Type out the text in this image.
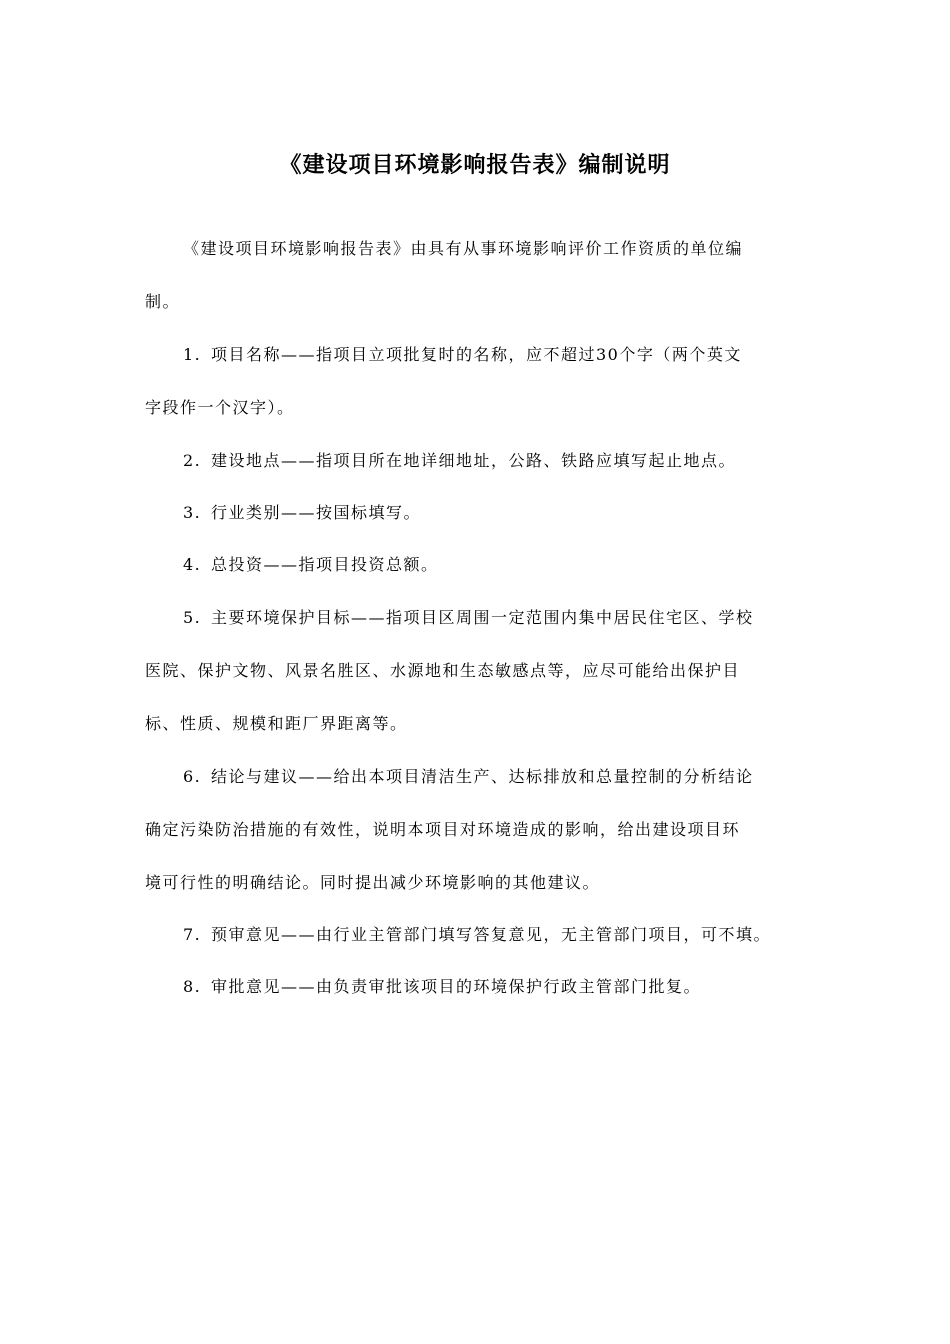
《建设项目环境影响报告表》编制说明
《建设项目环境影响报告表》由具有从事环境影响评价工作资质的单位编
制。
1. 项目名称——指项目立项批复时的名称，应不超过30个字（两个英文
字段作一个汉字）。
2. 建设地点——指项目所在地详细地址，公路、铁路应填写起止地点。
3. 行业类别——按国标填写。
4. 总投资——指项目投资总额。
5. 主要环境保护目标——指项目区周围一定范围内集中居民住宅区、学校
医院、保护文物、风景名胜区、水源地和生态敏感点等，应尽可能给出保护目
标、性质、规模和距厂界距离等。
6. 结论与建议——给出本项目清洁生产、达标排放和总量控制的分析结论
确定污染防治措施的有效性，说明本项目对环境造成的影响，给出建设项目环
境可行性的明确结论。同时提出减少环境影响的其他建议。
7. 预审意见——由行业主管部门填写答复意见，无主管部门项目，可不填。
8. 审批意见——由负责审批该项目的环境保护行政主管部门批复。
